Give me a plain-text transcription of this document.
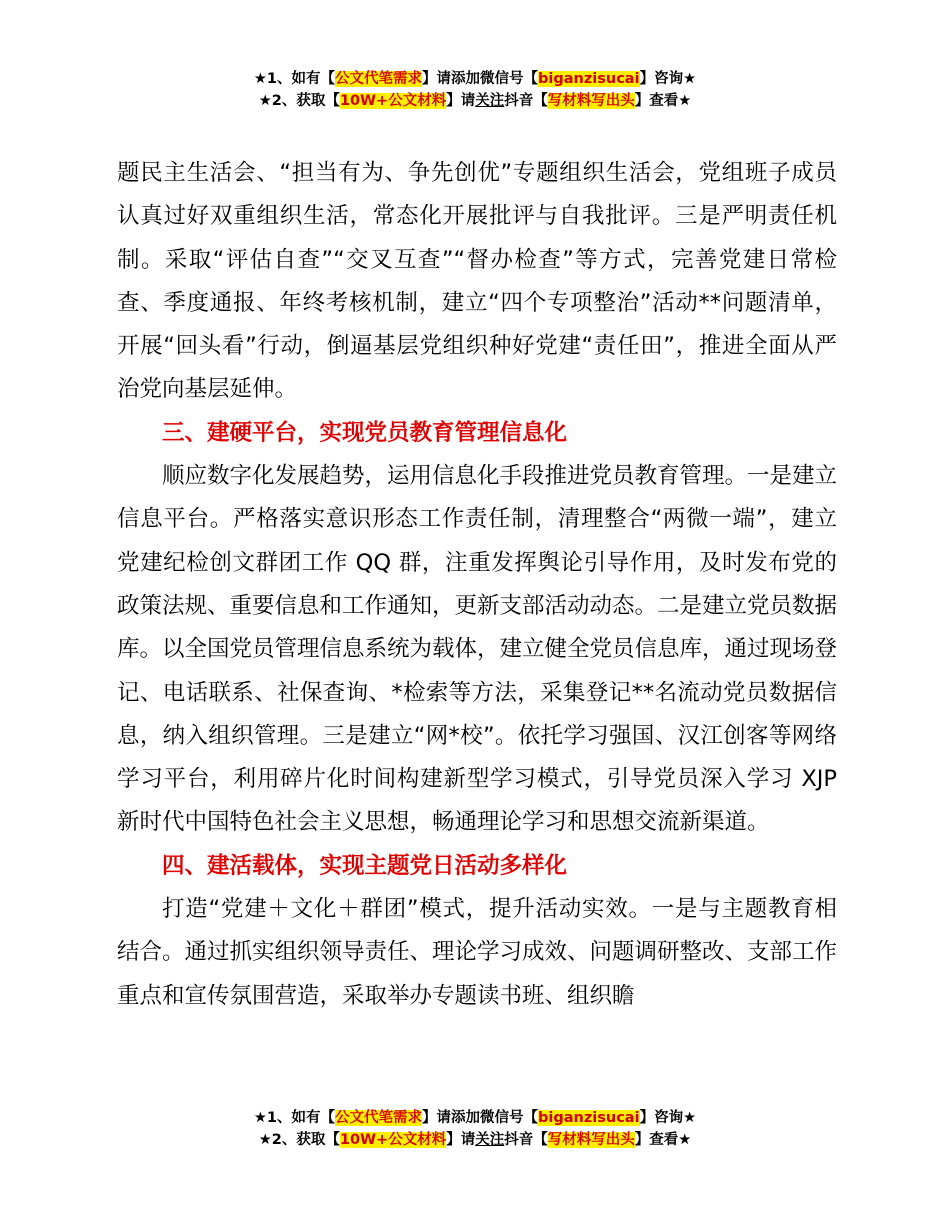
★1、如有【公文代笔需求】请添加微信号【biganzisucai】咨询★
★2、获取【10W+公文材料】请关注抖音【写材料写出头】查看★

题民主生活会、“担当有为、争先创优”专题组织生活会，党组班子成员认真过好双重组织生活，常态化开展批评与自我批评。三是严明责任机制。采取“评估自查”“交叉互查”“督办检查”等方式，完善党建日常检查、季度通报、年终考核机制，建立“四个专项整治”活动**问题清单，开展“回头看”行动，倒逼基层党组织种好党建“责任田”，推进全面从严治党向基层延伸。

三、建硬平台，实现党员教育管理信息化

顺应数字化发展趋势，运用信息化手段推进党员教育管理。一是建立信息平台。严格落实意识形态工作责任制，清理整合“两微一端”，建立党建纪检创文群团工作 QQ 群，注重发挥舆论引导作用，及时发布党的政策法规、重要信息和工作通知，更新支部活动动态。二是建立党员数据库。以全国党员管理信息系统为载体，建立健全党员信息库，通过现场登记、电话联系、社保查询、*检索等方法，采集登记**名流动党员数据信息，纳入组织管理。三是建立“网*校”。依托学习强国、汉江创客等网络学习平台，利用碎片化时间构建新型学习模式，引导党员深入学习 XJP 新时代中国特色社会主义思想，畅通理论学习和思想交流新渠道。

四、建活载体，实现主题党日活动多样化

打造“党建＋文化＋群团”模式，提升活动实效。一是与主题教育相结合。通过抓实组织领导责任、理论学习成效、问题调研整改、支部工作重点和宣传氛围营造，采取举办专题读书班、组织瞻

★1、如有【公文代笔需求】请添加微信号【biganzisucai】咨询★
★2、获取【10W+公文材料】请关注抖音【写材料写出头】查看★
